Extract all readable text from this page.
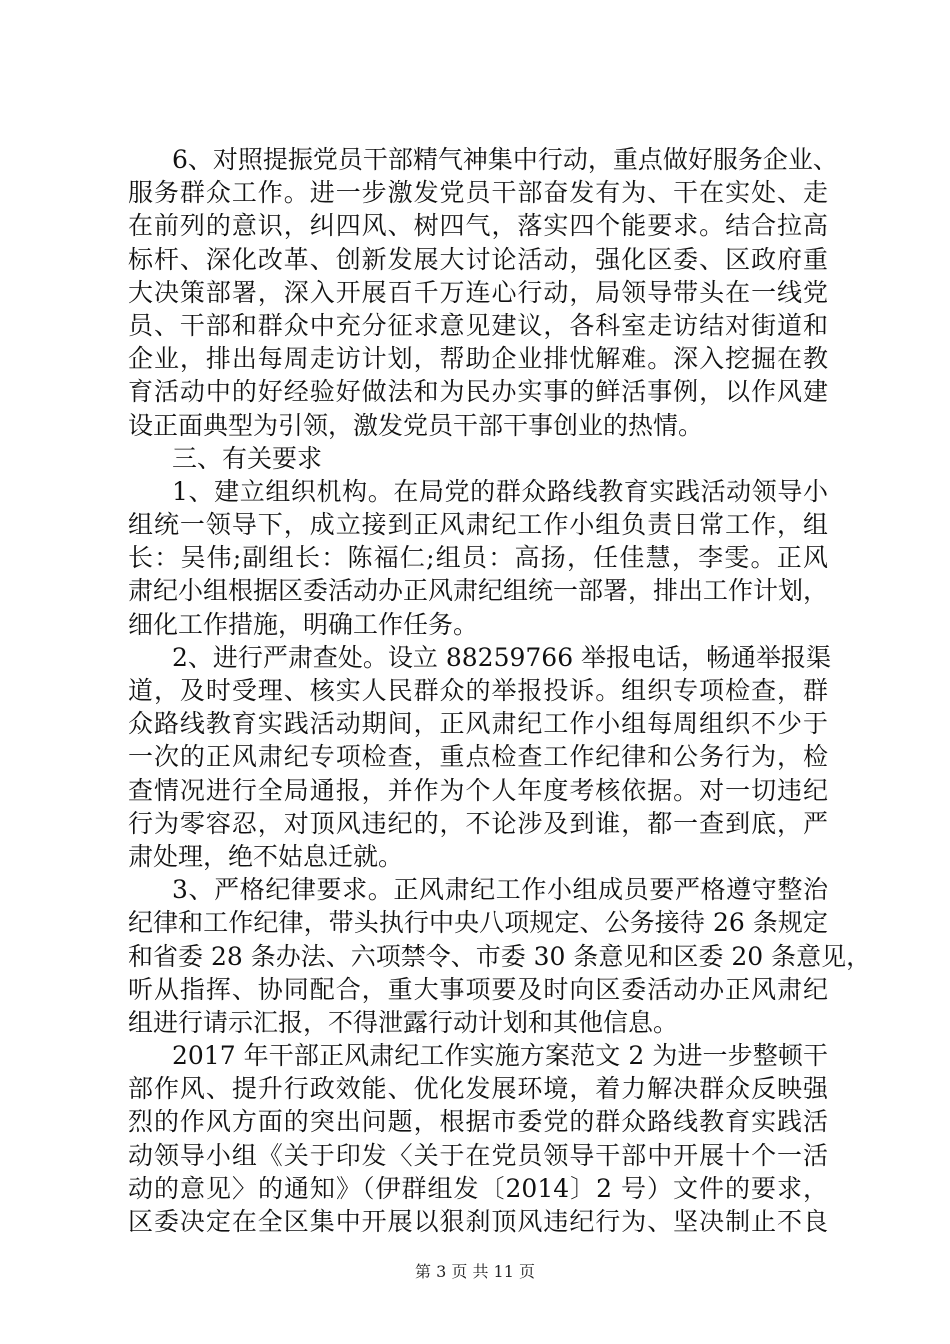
6、对照提振党员干部精气神集中行动，重点做好服务企业、
服务群众工作。进一步激发党员干部奋发有为、干在实处、走
在前列的意识，纠四风、树四气，落实四个能要求。结合拉高
标杆、深化改革、创新发展大讨论活动，强化区委、区政府重
大决策部署，深入开展百千万连心行动，局领导带头在一线党
员、干部和群众中充分征求意见建议，各科室走访结对街道和
企业，排出每周走访计划，帮助企业排忧解难。深入挖掘在教
育活动中的好经验好做法和为民办实事的鲜活事例，以作风建
设正面典型为引领，激发党员干部干事创业的热情。
三、有关要求
1、建立组织机构。在局党的群众路线教育实践活动领导小
组统一领导下，成立接到正风肃纪工作小组负责日常工作，组
长：吴伟;副组长：陈福仁;组员：高扬，任佳慧，李雯。正风
肃纪小组根据区委活动办正风肃纪组统一部署，排出工作计划，
细化工作措施，明确工作任务。
2、进行严肃查处。设立 88259766 举报电话，畅通举报渠
道，及时受理、核实人民群众的举报投诉。组织专项检查，群
众路线教育实践活动期间，正风肃纪工作小组每周组织不少于
一次的正风肃纪专项检查，重点检查工作纪律和公务行为，检
查情况进行全局通报，并作为个人年度考核依据。对一切违纪
行为零容忍，对顶风违纪的，不论涉及到谁，都一查到底，严
肃处理，绝不姑息迁就。
3、严格纪律要求。正风肃纪工作小组成员要严格遵守整治
纪律和工作纪律，带头执行中央八项规定、公务接待 26 条规定
和省委 28 条办法、六项禁令、市委 30 条意见和区委 20 条意见，
听从指挥、协同配合，重大事项要及时向区委活动办正风肃纪
组进行请示汇报，不得泄露行动计划和其他信息。
2017 年干部正风肃纪工作实施方案范文 2 为进一步整顿干
部作风、提升行政效能、优化发展环境，着力解决群众反映强
烈的作风方面的突出问题，根据市委党的群众路线教育实践活
动领导小组《关于印发〈关于在党员领导干部中开展十个一活
动的意见〉的通知》（伊群组发〔2014〕2 号）文件的要求，
区委决定在全区集中开展以狠刹顶风违纪行为、坚决制止不良
第 3 页 共 11 页
